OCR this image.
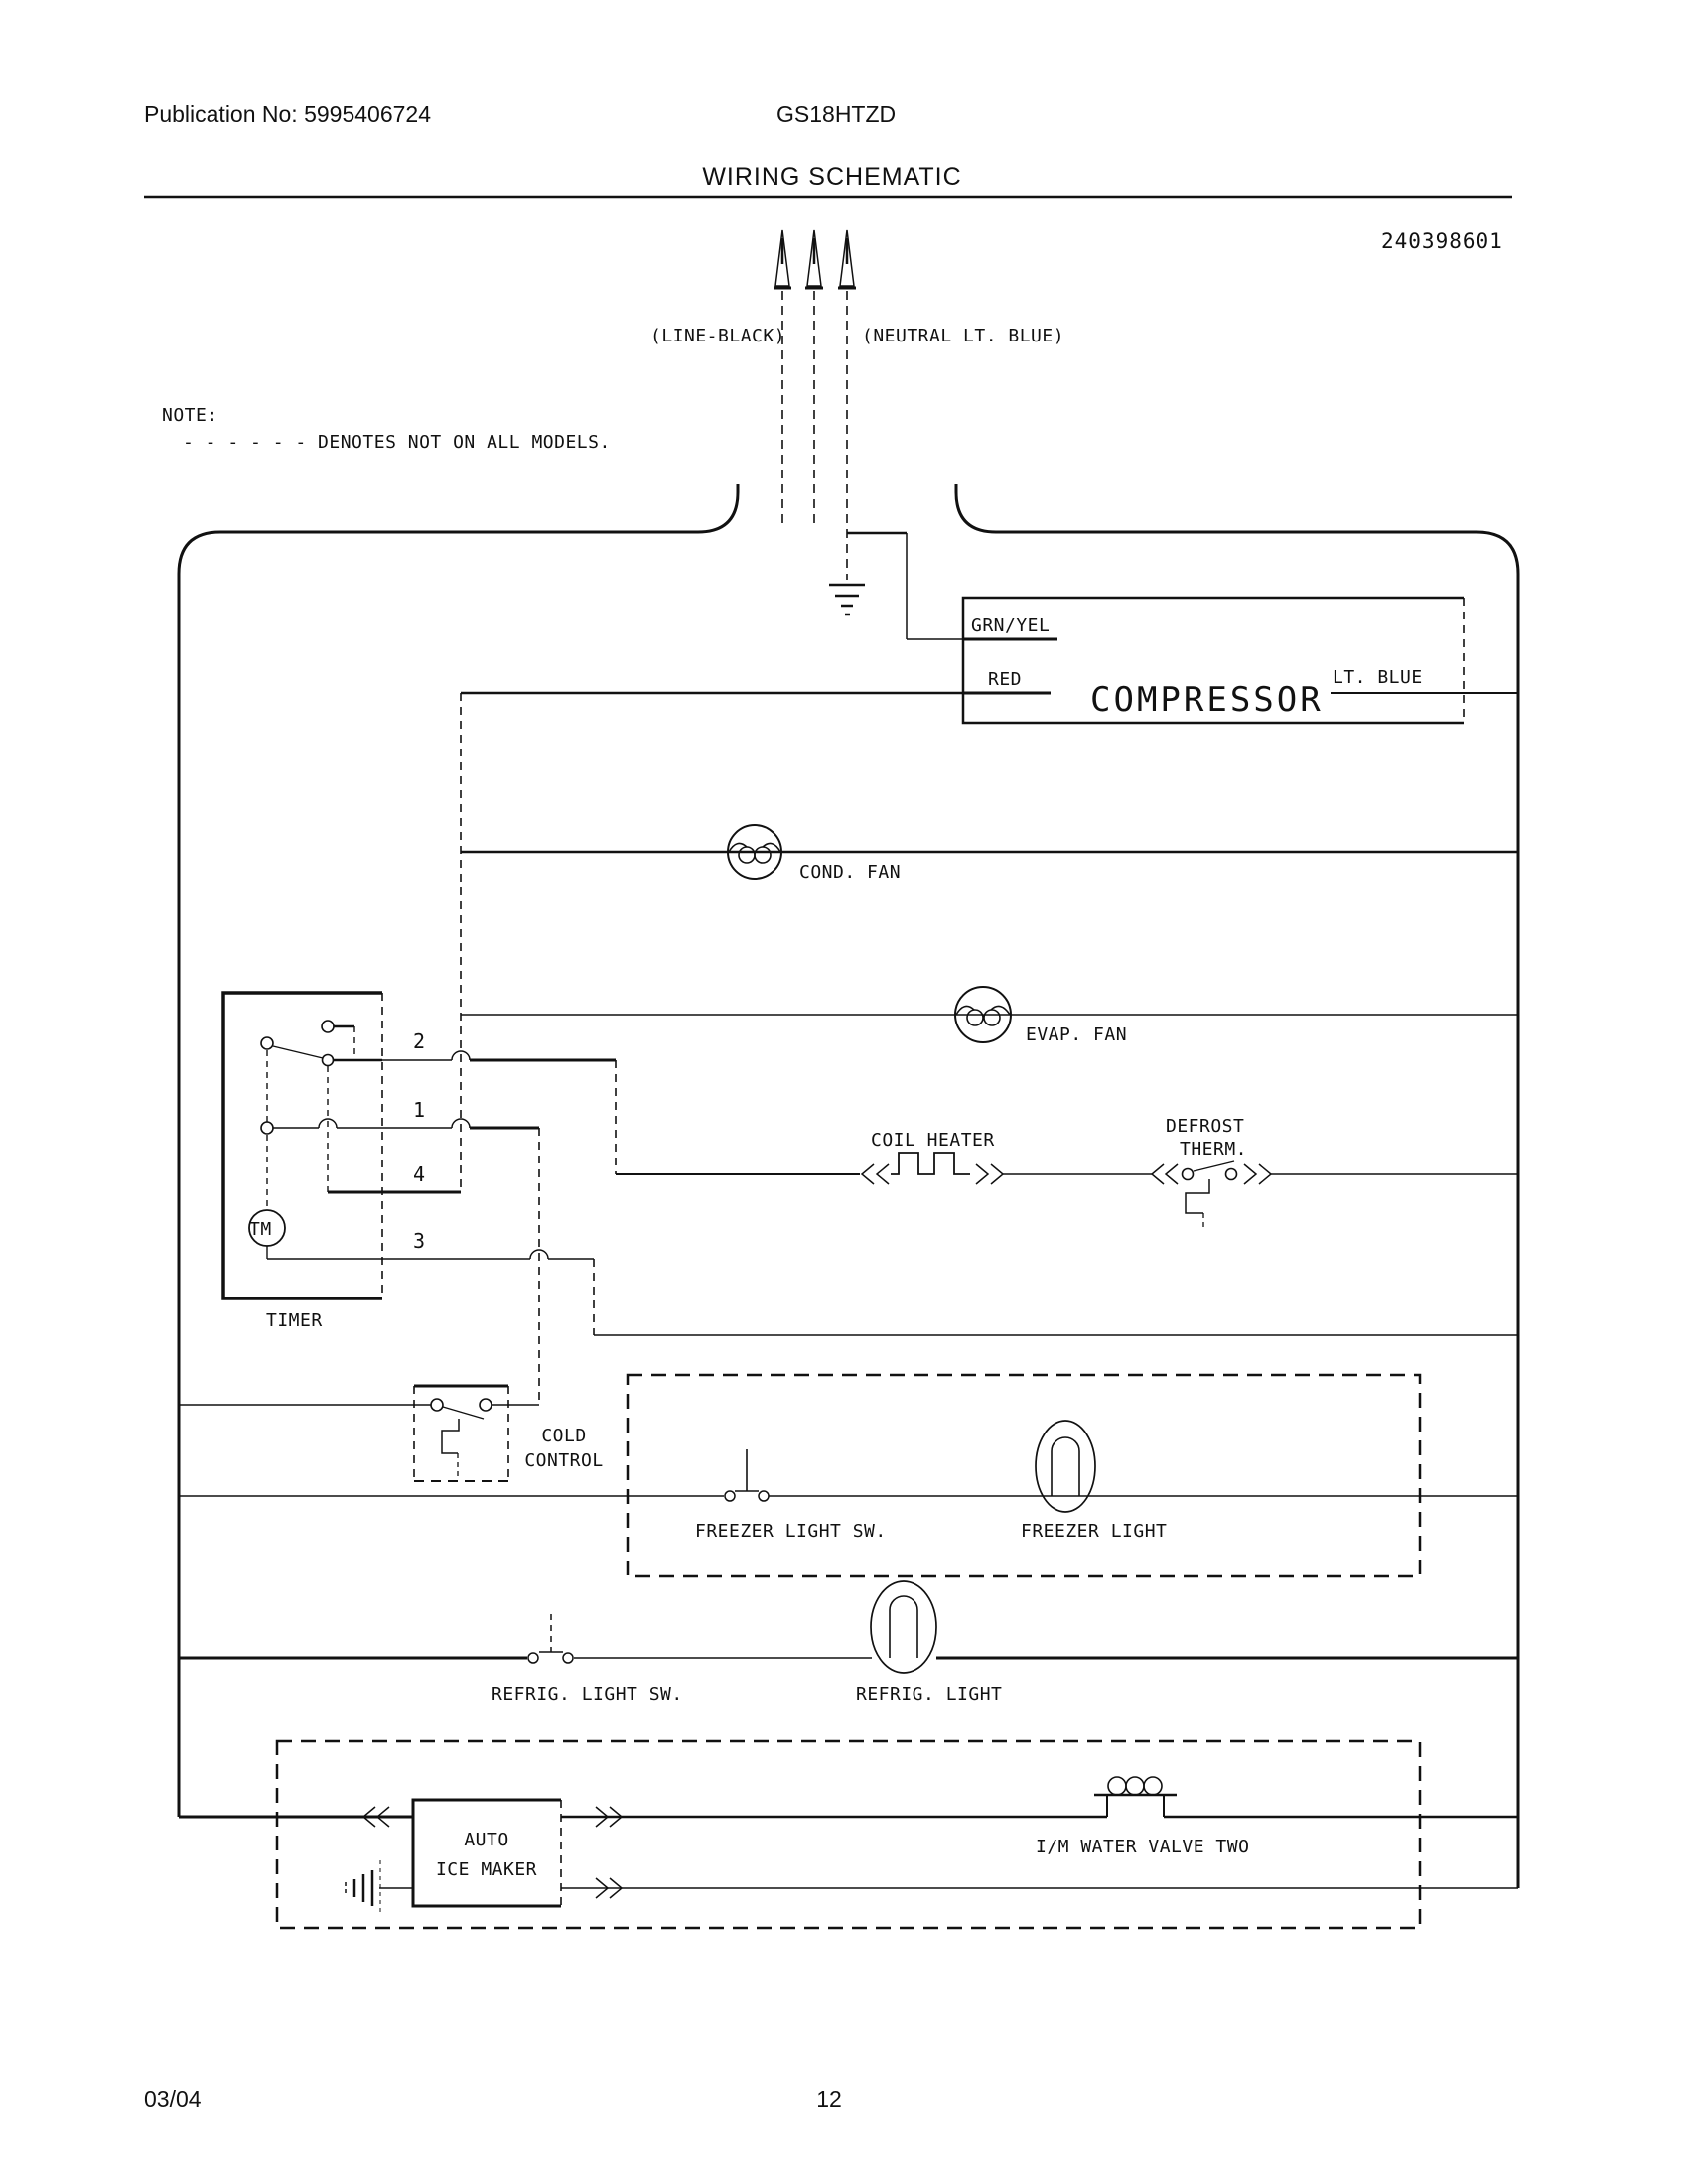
Publication No: 5995406724	GS18HTZD
WIRING SCHEMATIC
240398601
(LINE-BLACK)	(NEUTRAL LT. BLUE)
NOTE:
- - - - - - DENOTES NOT ON ALL MODELS.
GRN/YEL
RED	LT. BLUE
COMPRESSOR
COND. FAN
EVAP. FAN
TM
TIMER
2
1
4
3
COIL HEATER
DEFROST
THERM.
COLD
CONTROL
FREEZER LIGHT SW.	FREEZER LIGHT
REFRIG. LIGHT SW.	REFRIG. LIGHT
AUTO
ICE MAKER
I/M WATER VALVE TWO
03/04	12
